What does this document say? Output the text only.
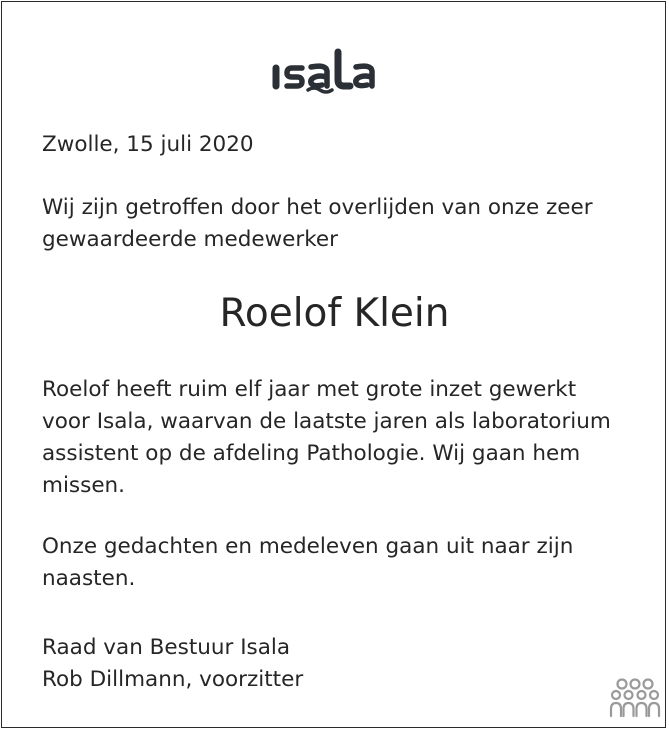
Zwolle, 15 juli 2020
Wij zijn getroffen door het overlijden van onze zeer
gewaardeerde medewerker
Roelof Klein
Roelof heeft ruim elf jaar met grote inzet gewerkt
voor Isala, waarvan de laatste jaren als laboratorium
assistent op de afdeling Pathologie. Wij gaan hem
missen.
Onze gedachten en medeleven gaan uit naar zijn
naasten.
Raad van Bestuur Isala
Rob Dillmann, voorzitter
